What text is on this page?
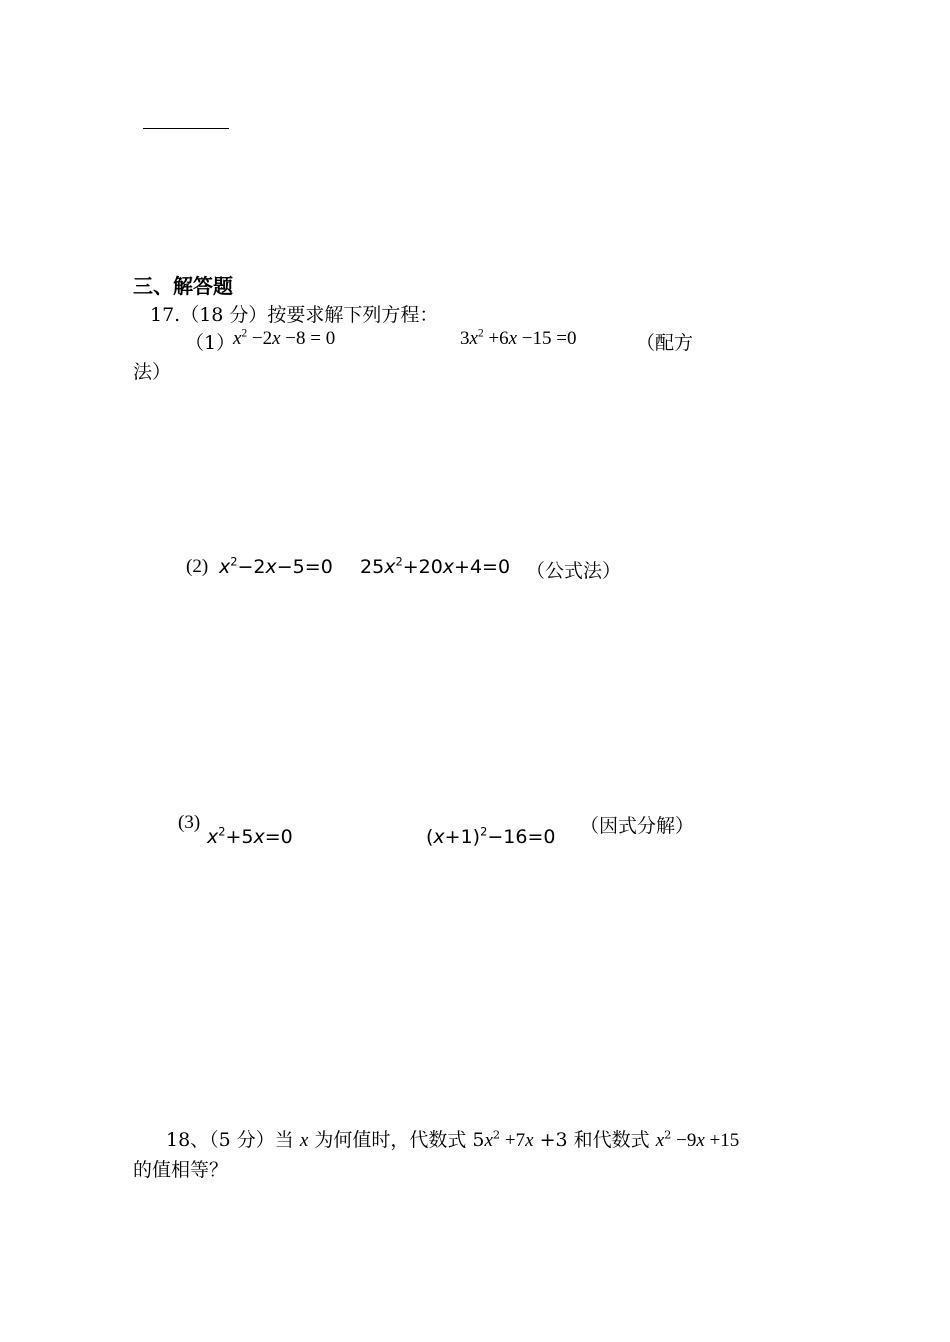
三、解答题
17.（18 分）按要求解下列方程：
（1）
$x^2 -2x -8 = 0$	$3x^2 +6x -15 =0$	（配方
法）
(2) $x^2-2x-5=0$ $25x^2+20x+4=0$ （公式法）
(3)
$x^2+5x=0$	$(x+1)^2-16=0$ （因式分解）
18、（5 分）当 x 为何值时，代数式 $5x^2 +7x +3$ 和代数式 $x^2 -9x +15$
的值相等？
